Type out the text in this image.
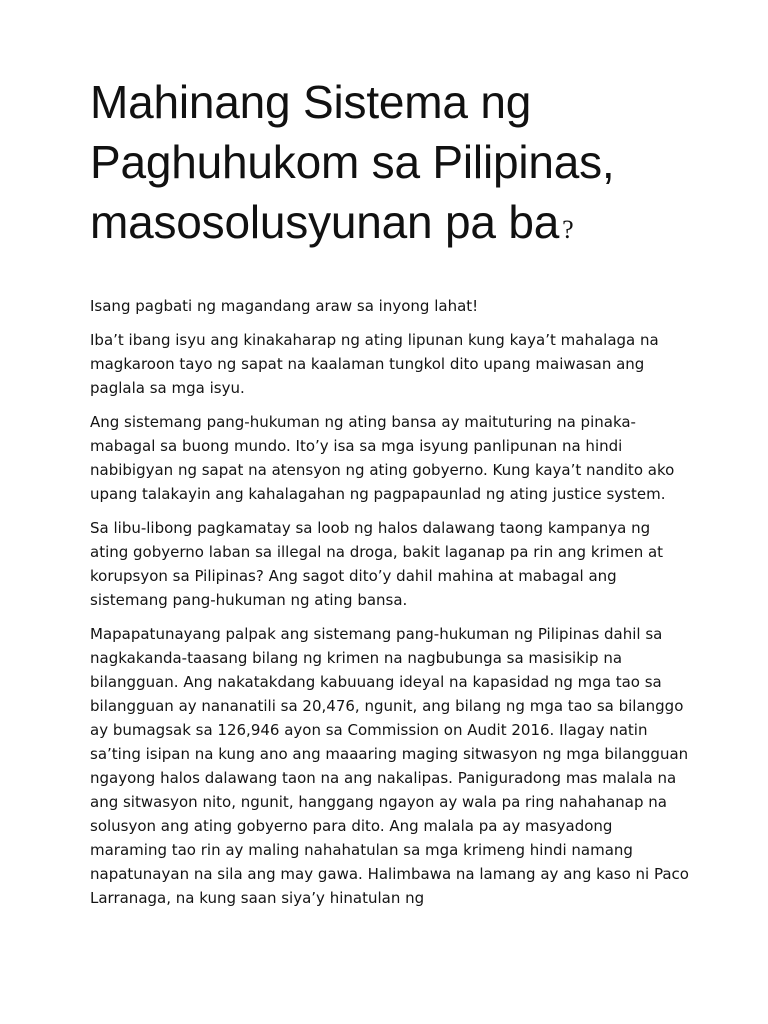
Mahinang Sistema ng Paghuhukom sa Pilipinas, masosolusyunan pa ba ?

Isang pagbati ng magandang araw sa inyong lahat!

Iba’t ibang isyu ang kinakaharap ng ating lipunan kung kaya’t mahalaga na magkaroon tayo ng sapat na kaalaman tungkol dito upang maiwasan ang paglala sa mga isyu.

Ang sistemang pang-hukuman ng ating bansa ay maituturing na pinaka-mabagal sa buong mundo. Ito’y isa sa mga isyung panlipunan na hindi nabibigyan ng sapat na atensyon ng ating gobyerno. Kung kaya’t nandito ako upang talakayin ang kahalagahan ng pagpapaunlad ng ating justice system.

Sa libu-libong pagkamatay sa loob ng halos dalawang taong kampanya ng ating gobyerno laban sa illegal na droga, bakit laganap pa rin ang krimen at korupsyon sa Pilipinas? Ang sagot dito’y dahil mahina at mabagal ang sistemang pang-hukuman ng ating bansa.

Mapapatunayang palpak ang sistemang pang-hukuman ng Pilipinas dahil sa nagkakanda-taasang bilang ng krimen na nagbubunga sa masisikip na bilangguan. Ang nakatakdang kabuuang ideyal na kapasidad ng mga tao sa bilangguan ay nananatili sa 20,476, ngunit, ang bilang ng mga tao sa bilanggo ay bumagsak sa 126,946 ayon sa Commission on Audit 2016. Ilagay natin sa’ting isipan na kung ano ang maaaring maging sitwasyon ng mga bilangguan ngayong halos dalawang taon na ang nakalipas. Paniguradong mas malala na ang sitwasyon nito, ngunit, hanggang ngayon ay wala pa ring nahahanap na solusyon ang ating gobyerno para dito. Ang malala pa ay masyadong maraming tao rin ay maling nahahatulan sa mga krimeng hindi namang napatunayan na sila ang may gawa. Halimbawa na lamang ay ang kaso ni Paco Larranaga, na kung saan siya’y hinatulan ng
